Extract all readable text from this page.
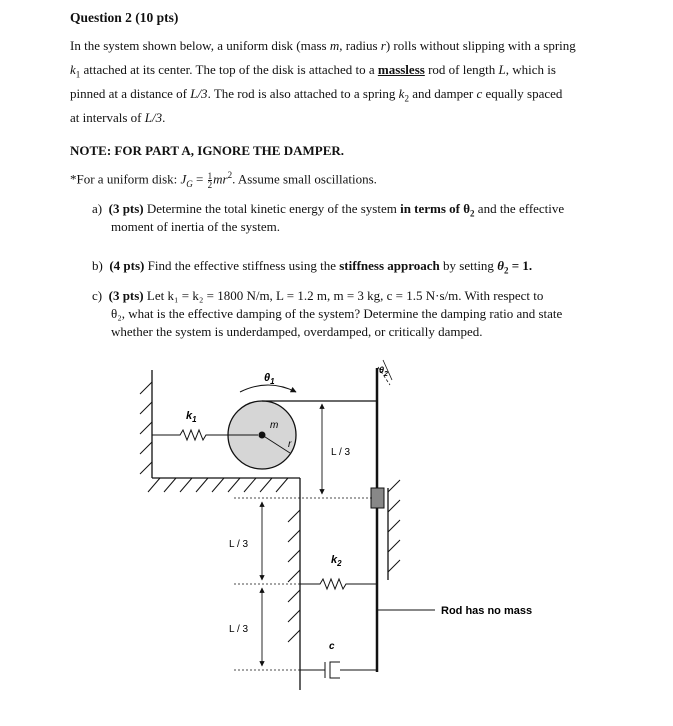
Question 2 (10 pts)
In the system shown below, a uniform disk (mass m, radius r) rolls without slipping with a spring
$k_1$ attached at its center. The top of the disk is attached to a massless rod of length L, which is
pinned at a distance of L/3. The rod is also attached to a spring $k_2$ and damper c equally spaced
at intervals of L/3.
NOTE: FOR PART A, IGNORE THE DAMPER.
*For a uniform disk: $J_G = \frac{1}{2} mr^2$. Assume small oscillations.
a) (3 pts) Determine the total kinetic energy of the system in terms of $\theta_2$ and the effective
moment of inertia of the system.
b) (4 pts) Find the effective stiffness using the stiffness approach by setting $\theta_2 = 1$.
c) (3 pts) Let k₁ = k₂ = 1800 N/m, L = 1.2 m, m = 3 kg, c = 1.5 N·s/m. With respect to
θ₂, what is the effective damping of the system? Determine the damping ratio and state
whether the system is underdamped, overdamped, or critically damped.
m
r
$k_1$
$\theta_1$
$\theta_2$
L / 3
L / 3
L / 3
$k_2$
c
Rod has no mass
